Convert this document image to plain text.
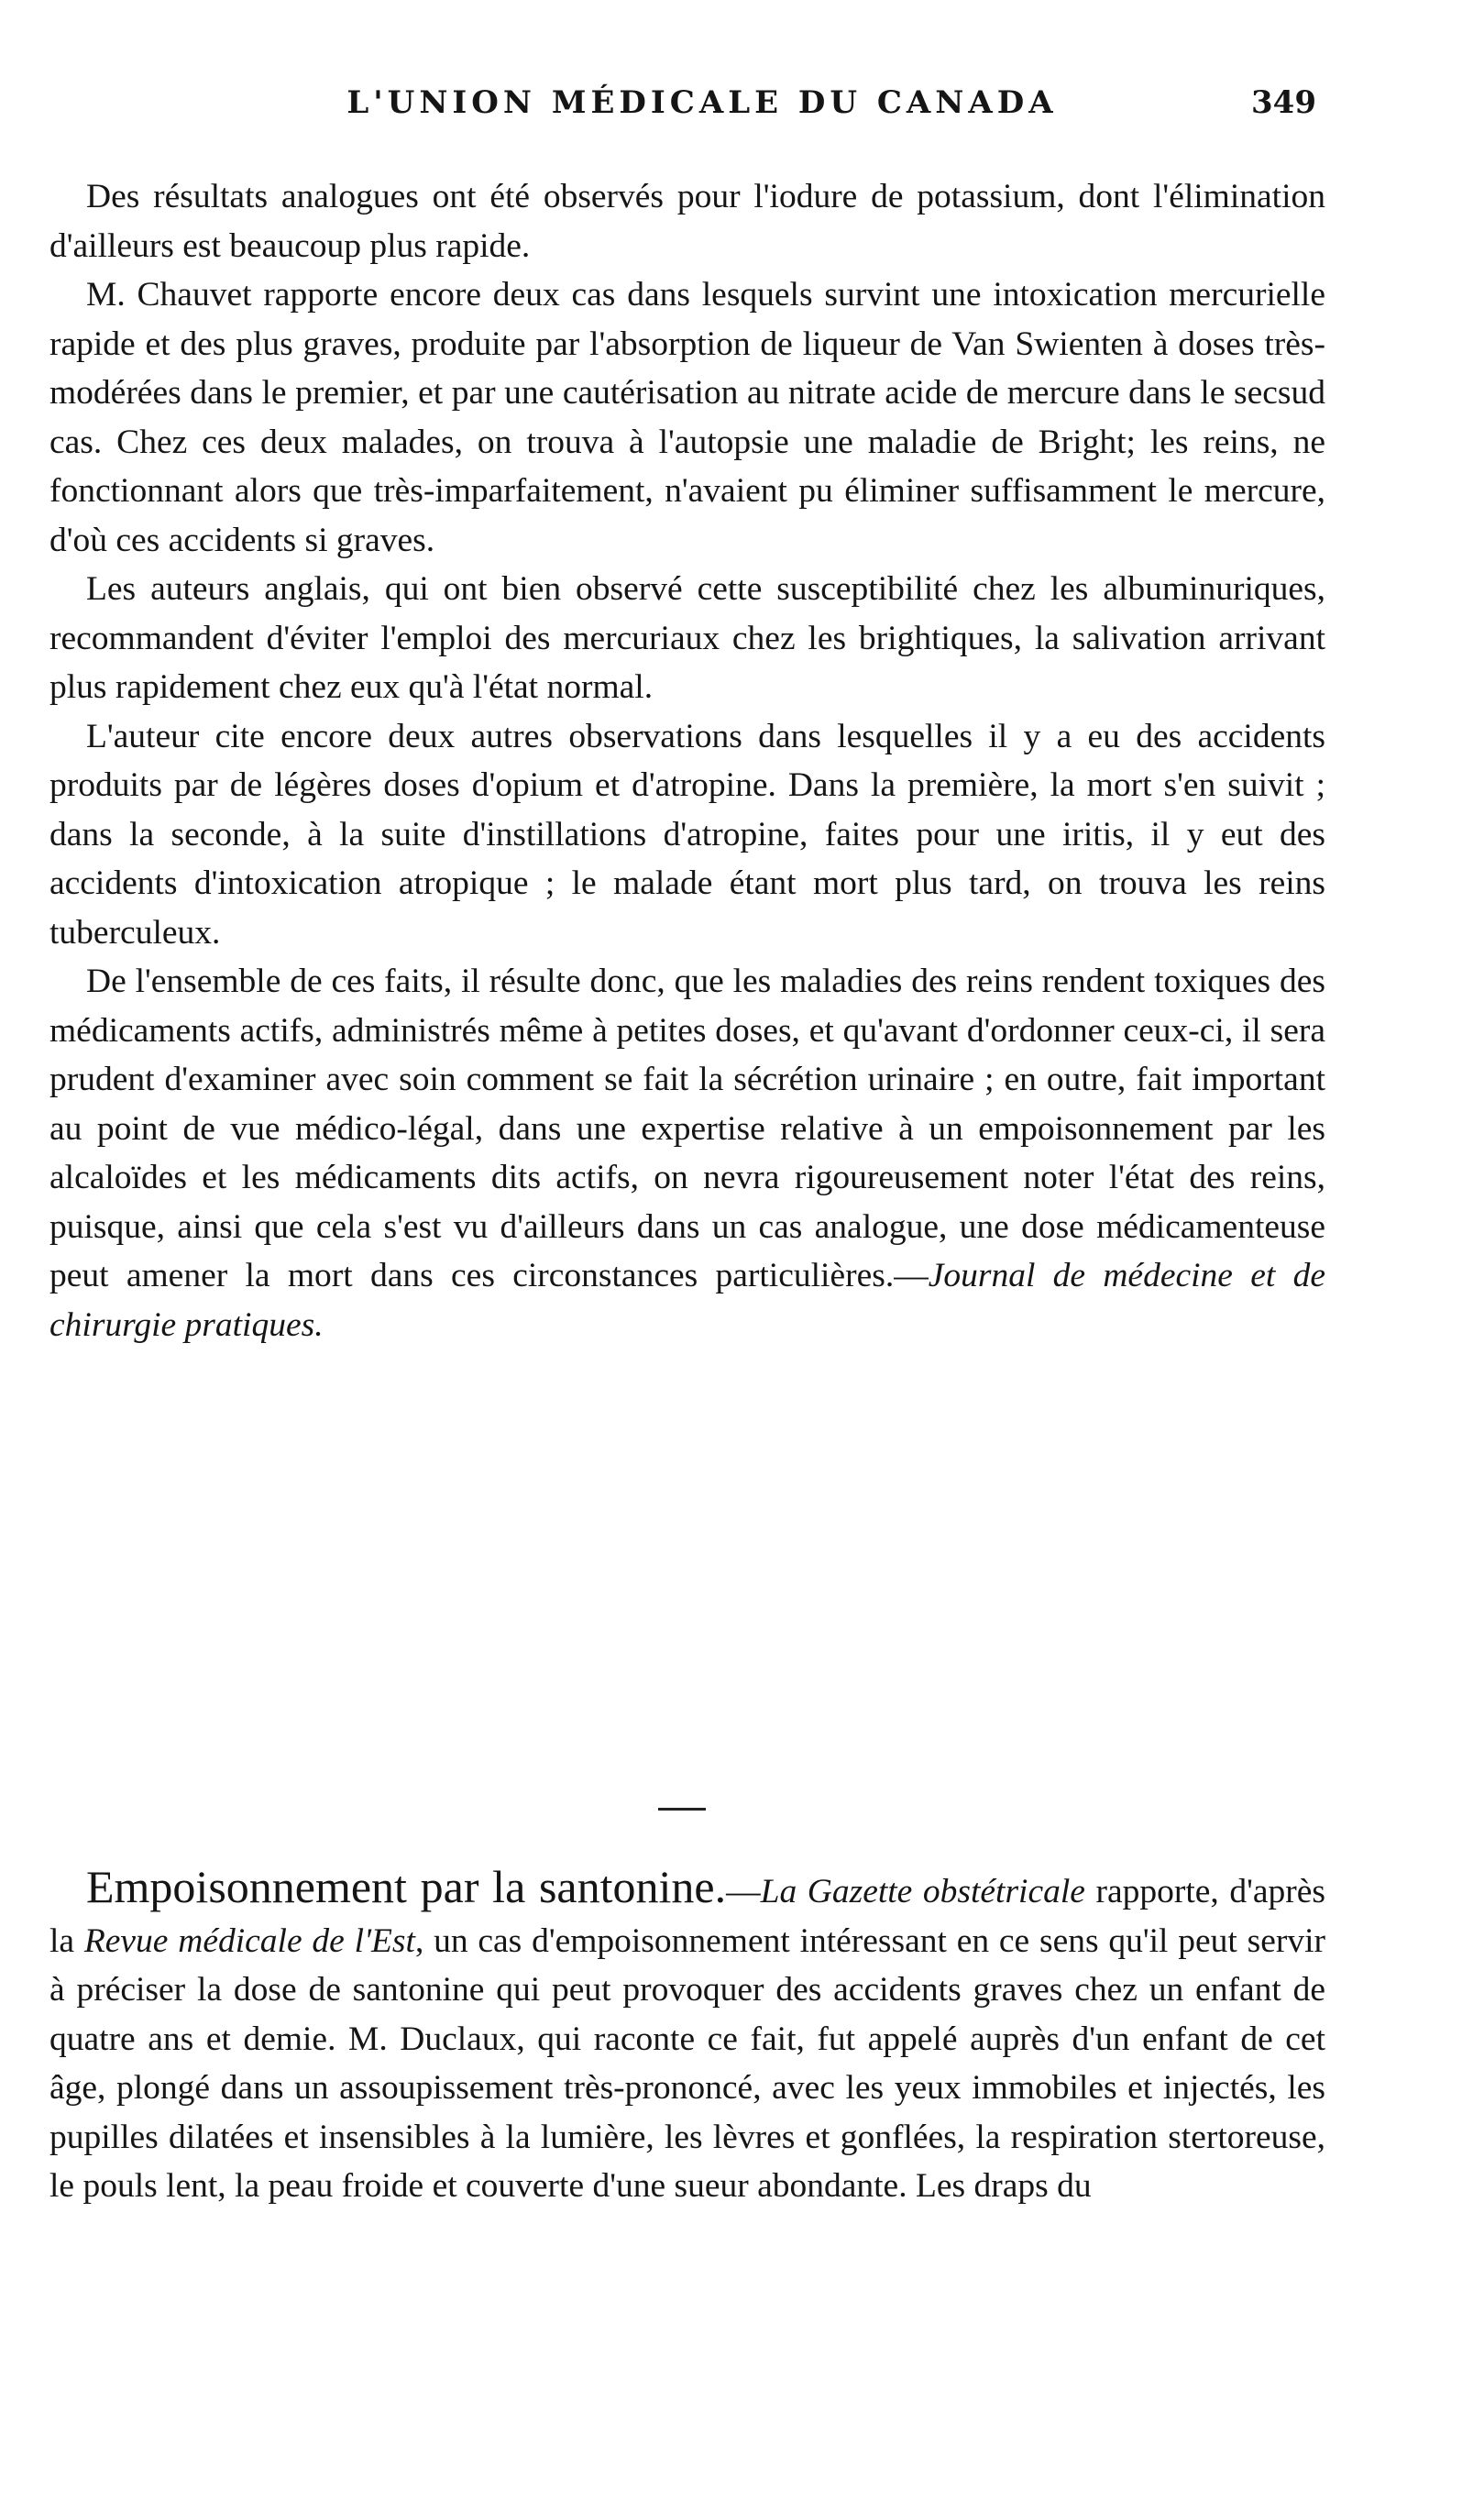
L'UNION MÉDICALE DU CANADA	349

Des résultats analogues ont été observés pour l'iodure de potassium, dont l'élimination d'ailleurs est beaucoup plus rapide.

M. Chauvet rapporte encore deux cas dans lesquels survint une intoxication mercurielle rapide et des plus graves, produite par l'absorption de liqueur de Van Swienten à doses très-modérées dans le premier, et par une cautérisation au nitrate acide de mercure dans le secsud cas. Chez ces deux malades, on trouva à l'autopsie une maladie de Bright; les reins, ne fonctionnant alors que très-imparfaitement, n'avaient pu éliminer suffisamment le mercure, d'où ces accidents si graves.

Les auteurs anglais, qui ont bien observé cette susceptibilité chez les albuminuriques, recommandent d'éviter l'emploi des mercuriaux chez les brightiques, la salivation arrivant plus rapidement chez eux qu'à l'état normal.

L'auteur cite encore deux autres observations dans lesquelles il y a eu des accidents produits par de légères doses d'opium et d'atropine. Dans la première, la mort s'en suivit ; dans la seconde, à la suite d'instillations d'atropine, faites pour une iritis, il y eut des accidents d'intoxication atropique ; le malade étant mort plus tard, on trouva les reins tuberculeux.

De l'ensemble de ces faits, il résulte donc, que les maladies des reins rendent toxiques des médicaments actifs, administrés même à petites doses, et qu'avant d'ordonner ceux-ci, il sera prudent d'examiner avec soin comment se fait la sécrétion urinaire ; en outre, fait important au point de vue médico-légal, dans une expertise relative à un empoisonnement par les alcaloïdes et les médicaments dits actifs, on nevra rigoureusement noter l'état des reins, puisque, ainsi que cela s'est vu d'ailleurs dans un cas analogue, une dose médicamenteuse peut amener la mort dans ces circonstances particulières.—Journal de médecine et de chirurgie pratiques.

Empoisonnement par la santonine.—La Gazette obstétricale rapporte, d'après la Revue médicale de l'Est, un cas d'empoisonnement intéressant en ce sens qu'il peut servir à préciser la dose de santonine qui peut provoquer des accidents graves chez un enfant de quatre ans et demie. M. Duclaux, qui raconte ce fait, fut appelé auprès d'un enfant de cet âge, plongé dans un assoupissement très-prononcé, avec les yeux immobiles et injectés, les pupilles dilatées et insensibles à la lumière, les lèvres et gonflées, la respiration stertoreuse, le pouls lent, la peau froide et couverte d'une sueur abondante. Les draps du
